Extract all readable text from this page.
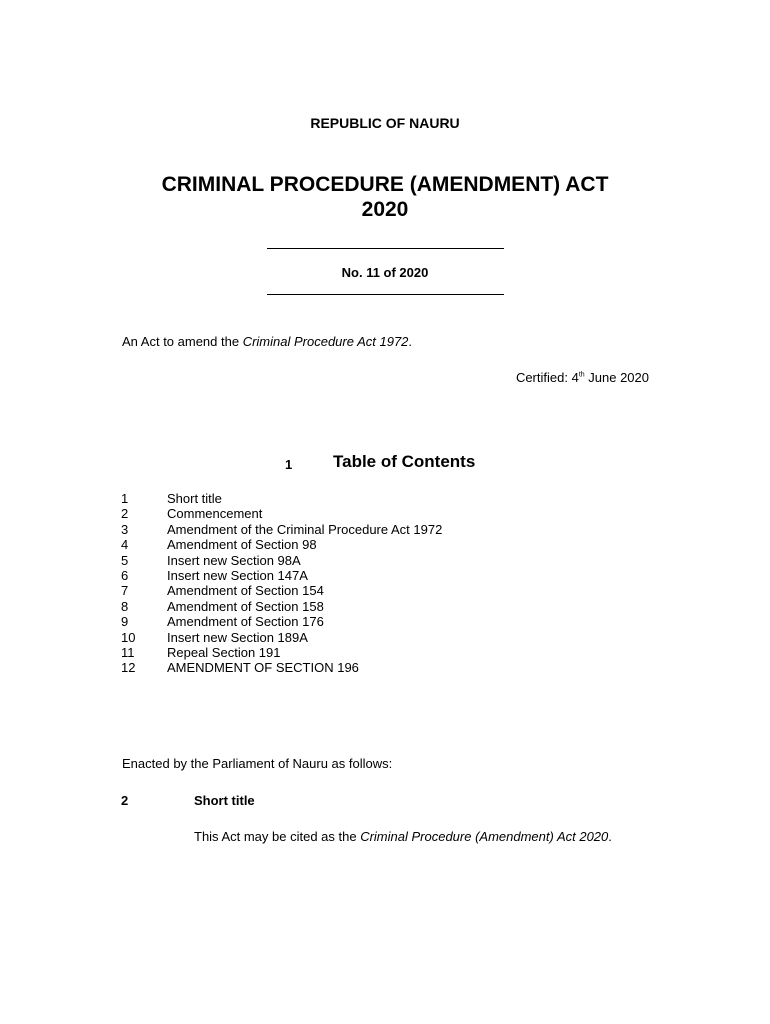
REPUBLIC OF NAURU
CRIMINAL PROCEDURE (AMENDMENT) ACT
2020
No. 11 of 2020
An Act to amend the Criminal Procedure Act 1972.
Certified: 4th June 2020
1 Table of Contents
1	Short title
2	Commencement
3	Amendment of the Criminal Procedure Act 1972
4	Amendment of Section 98
5	Insert new Section 98A
6	Insert new Section 147A
7	Amendment of Section 154
8	Amendment of Section 158
9	Amendment of Section 176
10 Insert new Section 189A
11	Repeal Section 191
12 AMENDMENT OF SECTION 196
Enacted by the Parliament of Nauru as follows:
2	Short title
This Act may be cited as the Criminal Procedure (Amendment) Act 2020.
